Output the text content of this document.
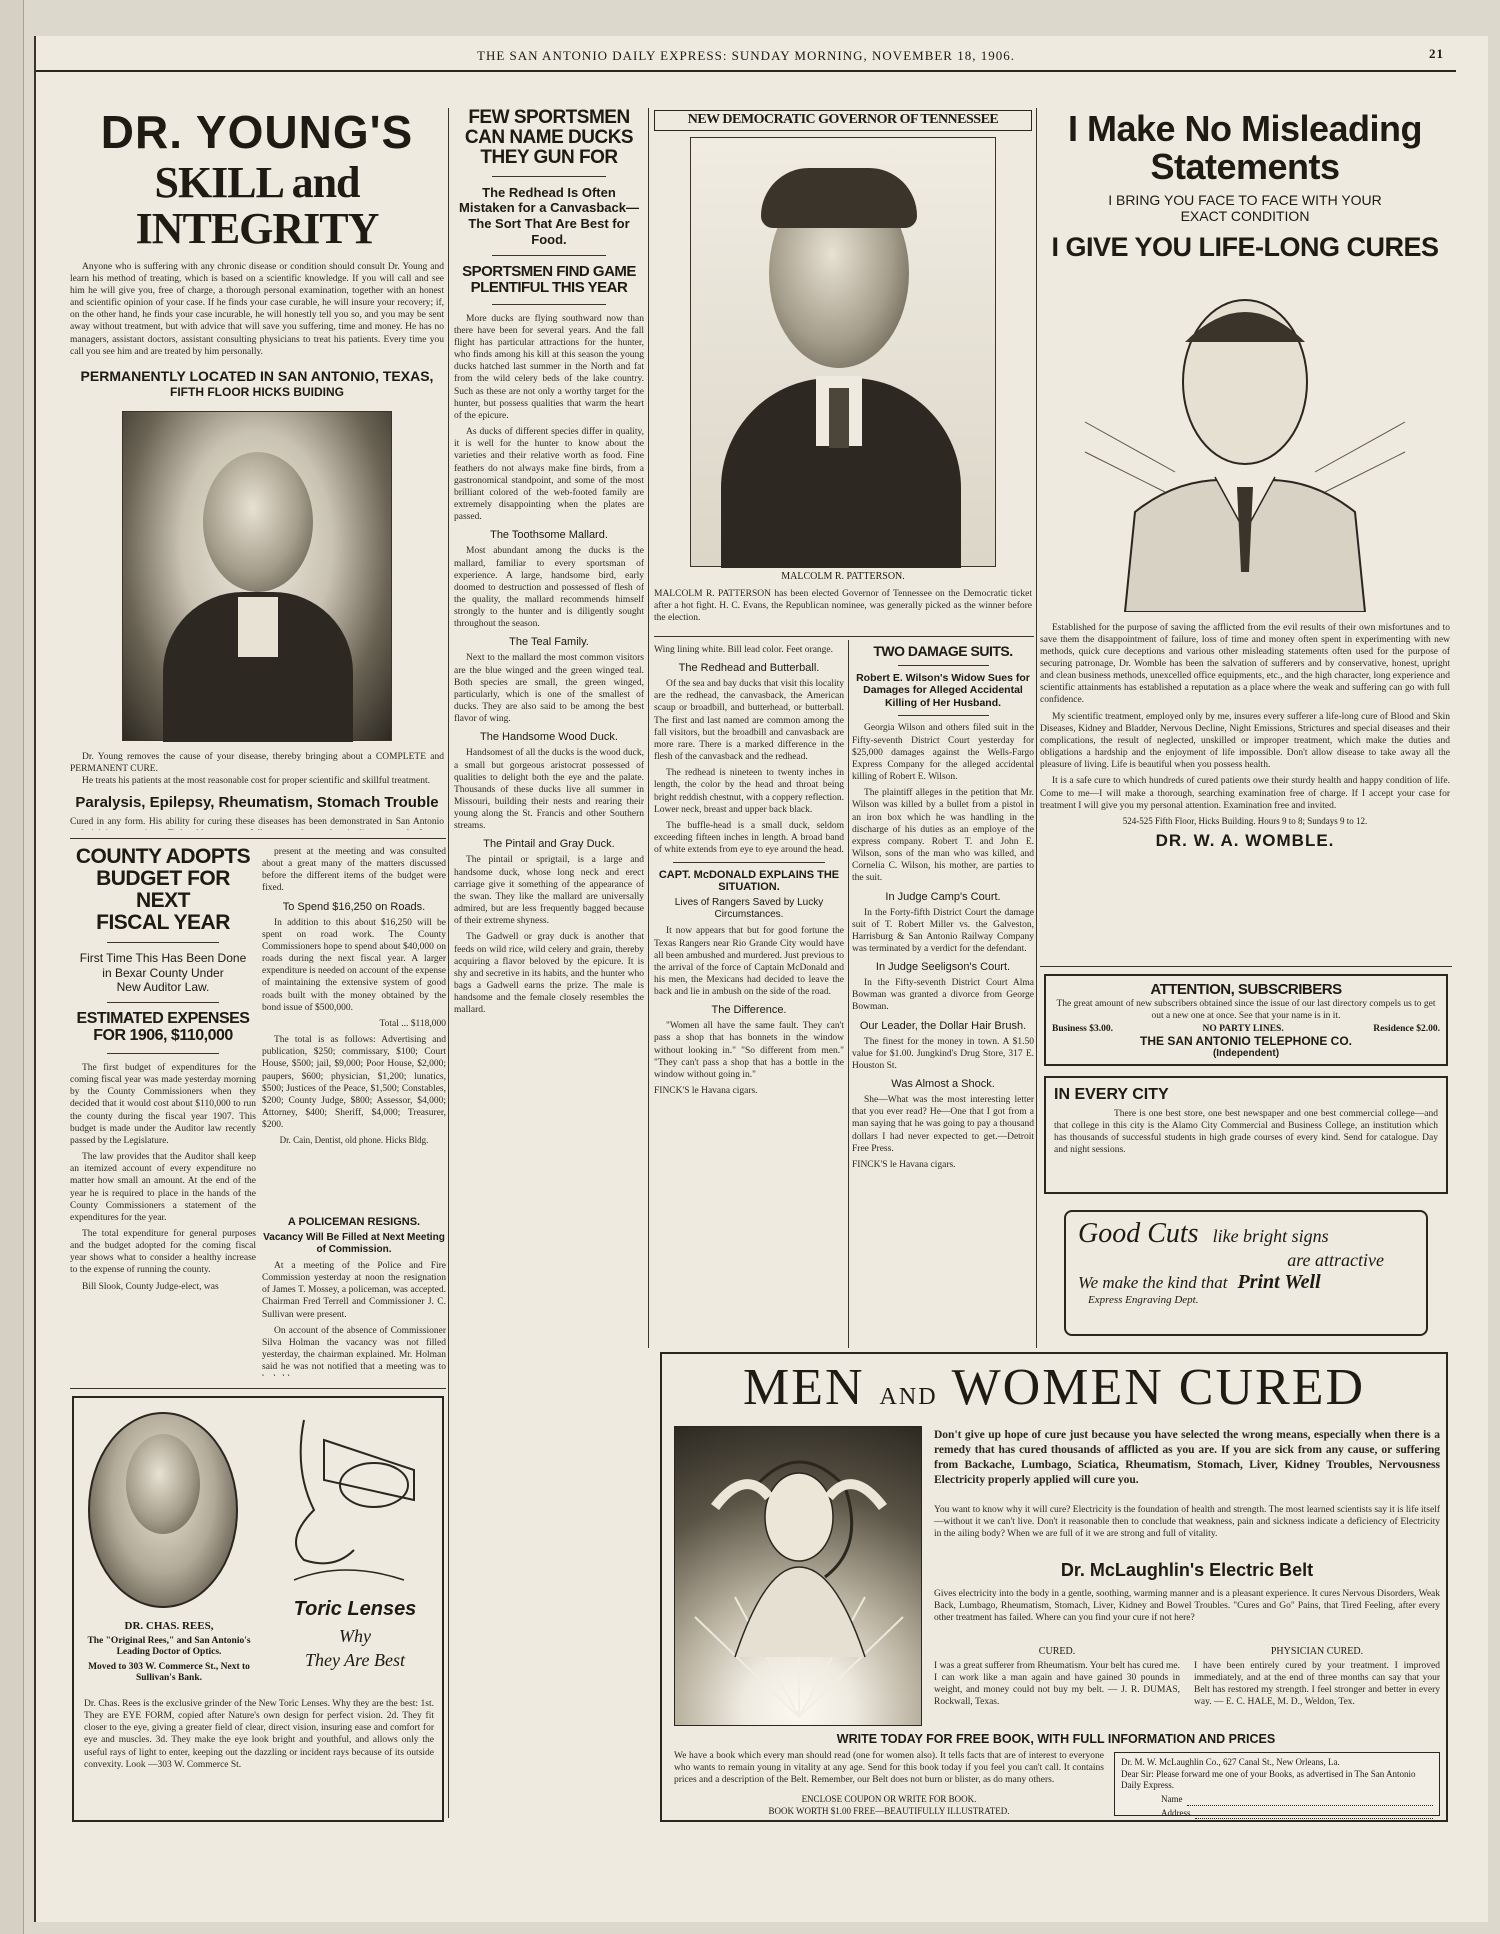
THE SAN ANTONIO DAILY EXPRESS: SUNDAY MORNING, NOVEMBER 18, 1906.	21
DR. YOUNG'S
SKILL and INTEGRITY
Anyone who is suffering with any chronic disease or condition should consult Dr. Young and learn his method of treating, which is based on a scientific knowledge. If you will call and see him he will give you, free of charge, a thorough personal examination, together with an honest and scientific opinion of your case. If he finds your case curable, he will insure your recovery; if, on the other hand, he finds your case incurable, he will honestly tell you so, and you may be sent away without treatment, but with advice that will save you suffering, time and money. He has no managers, assistant doctors, assistant consulting physicians to treat his patients. Every time you call you see him and are treated by him personally.
PERMANENTLY LOCATED IN SAN ANTONIO, TEXAS,
FIFTH FLOOR HICKS BUIDING
Dr. Young removes the cause of your disease, thereby bringing about a COMPLETE and PERMANENT CURE.
He treats his patients at the most reasonable cost for proper scientific and skillful treatment.
Paralysis, Epilepsy, Rheumatism, Stomach Trouble
Cured in any form. His ability for curing these diseases has been demonstrated in San Antonio
COUNTY ADOPTS
BUDGET FOR NEXT
FISCAL YEAR
First Time This Has Been Done
in Bexar County Under
New Auditor Law.
ESTIMATED EXPENSES
FOR 1906, $110,000

The first budget of expenditures for the coming fiscal year was made yesterday morning by the County Commissioners when they decided that it would cost about $110,000 to run the county during the fiscal year 1907. This budget is made under the Auditor law recently passed by the Legislature.

The law provides that the Auditor shall keep an itemized account of every expenditure no matter how small an amount. At the end of the year he is required to place in the hands of the County Commissioners a statement of the expenditures for the year.

The total expenditure for general purposes and the budget adopted for the coming fiscal year shows what to consider a healthy increase to the expense of running the county.

Bill Slook, County Judge-elect, was

present at the meeting and was consulted about a great many of the matters discussed before the different items of the budget were fixed.

To Spend $16,250 on Roads.

In addition to this about $16,250 will be spent on road work. The County Commissioners hope to spend about $40,000 on roads during the next fiscal year. A larger expenditure is needed on account of the expense of maintaining the extensive system of good roads built with the money obtained by the bond issue of $500,000.

Total ... $118,000

The total is as follows: Advertising and publication, $250; commissary, $100; Court House, $500; jail, $9,000; Poor House, $2,000; paupers, $600; physician, $1,200; lunatics, $500; Justices of the Peace, $1,500; Constables, $200; County Judge, $800; Assessor, $4,000; Attorney, $400; Sheriff, $4,000; Treasurer, $200.

Dr. Cain, Dentist, old phone. Hicks Bldg.
A POLICEMAN RESIGNS.
Vacancy Will Be Filled at Next Meeting of Commission.

At a meeting of the Police and Fire Commission yesterday at noon the resignation of James T. Mossey, a policeman, was accepted. Chairman Fred Terrell and Commissioner J. C. Sullivan were present.

On account of the absence of Commissioner Silva Holman the vacancy was not filled yesterday, the chairman explained. Mr. Holman said he was not notified that a meeting was to

Toric Lenses
Why
They Are Best
DR. CHAS. REES,
The "Original Rees," and San Antonio's Leading Doctor of Optics.
Moved to 303 W. Commerce St., Next to Sullivan's Bank.
Dr. Chas. Rees is the exclusive grinder of the New Toric Lenses. Why they are the best: 1st. They are EYE FORM, copied after Nature's own design for perfect vision. 2d. They fit closer to the eye, giving a greater field of clear, direct vision, insuring ease and comfort for eye and muscles. 3d. They make the eye look bright and youthful, and allows only the useful rays of light to enter, keeping out the dazzling or incident rays because of its outside convexity. Look —303 W. Commerce St.
FEW SPORTSMEN
CAN NAME DUCKS
THEY GUN FOR
The Redhead Is Often Mistaken for a Canvasback—The Sort That Are Best for Food.
SPORTSMEN FIND GAME
PLENTIFUL THIS YEAR

More ducks are flying southward now than there have been for several years. And the fall flight has particular attractions for the hunter, who finds among his kill at this season the young ducks hatched last summer in the North and fat from the wild celery beds of the lake country. Such as these are not only a worthy target for the hunter, but possess qualities that warm the heart of the epicure.

As ducks of different species differ in quality, it is well for the hunter to know about the varieties and their relative worth as food. Fine feathers do not always make fine birds, from a gastronomical standpoint, and some of the most brilliant colored of the web-footed family are extremely disappointing when the plates are passed.

The Toothsome Mallard.

Most abundant among the ducks is the mallard, familiar to every sportsman of experience. A large, handsome bird, early doomed to destruction and possessed of flesh of the quality, the mallard recommends himself strongly to the hunter and is diligently sought throughout the season.

The Teal Family.

Next to the mallard the most common visitors are the blue winged and the green winged teal. Both species are small, the green winged, particularly, which is one of the smallest of ducks. They are also said to be among the best flavor of wing.

The Handsome Wood Duck.

Handsomest of all the ducks is the wood duck, a small but gorgeous aristocrat possessed of qualities to delight both the eye and the palate. Thousands of these ducks live all summer in Missouri, building their nests and rearing their young along the St. Francis and other Southern streams.

The Pintail and Gray Duck.

The pintail or sprigtail, is a large and handsome duck, whose long neck and erect carriage give it something of the appearance of the swan. They like the mallard are universally admired, but are less frequently bagged because of their extreme shyness.

The Gadwell or gray duck is another that feeds on wild rice, wild celery and grain, thereby acquiring a flavor beloved by the epicure. It is shy and secretive in its habits, and the hunter who bags a Gadwell earns the prize. The male is handsome and the female closely resembles the mallard.

NEW DEMOCRATIC GOVERNOR OF TENNESSEE
MALCOLM R. PATTERSON.
MALCOLM R. PATTERSON has been elected Governor of Tennessee on the Democratic ticket after a hot fight. H. C. Evans, the Republican nominee, was generally picked as the winner before the election.
Wing lining white. Bill lead color. Feet orange.
The Redhead and Butterball.

Of the sea and bay ducks that visit this locality are the redhead, the canvasback, the American scaup or broadbill, and butterhead, or butterball. The first and last named are common among the fall visitors, but the broadbill and canvasback are more rare. There is a marked difference in the flesh of the canvasback and the redhead.

The redhead is nineteen to twenty inches in length, the color by the head and throat being bright reddish chestnut, with a coppery reflection. Lower neck, breast and upper back black.

The buffle-head is a small duck, seldom exceeding fifteen inches in length. A broad band of white extends from eye to eye around the head.

CAPT. McDONALD EXPLAINS THE SITUATION.
Lives of Rangers Saved by Lucky Circumstances.

It now appears that but for good fortune the Texas Rangers near Rio Grande City would have all been ambushed and murdered. Just previous to the arrival of the force of Captain McDonald and his men, the Mexicans had decided to leave the back and lie in ambush on the side of the road.

The Difference.

"Women all have the same fault. They can't pass a shop that has bonnets in the window without looking in." "So different from men." "They can't pass a shop that has a bottle in the window without going in."

FINCK'S le Havana cigars.
TWO DAMAGE SUITS.
Robert E. Wilson's Widow Sues for Damages for Alleged Accidental Killing of Her Husband.

Georgia Wilson and others filed suit in the Fifty-seventh District Court yesterday for $25,000 damages against the Wells-Fargo Express Company for the alleged accidental killing of Robert E. Wilson.

The plaintiff alleges in the petition that Mr. Wilson was killed by a bullet from a pistol in an iron box which he was handling in the discharge of his duties as an employe of the express company. Robert T. and John E. Wilson, sons of the man who was killed, and Cornelia C. Wilson, his mother, are parties to the suit.

In Judge Camp's Court.

In the Forty-fifth District Court the damage suit of T. Robert Miller vs. the Galveston, Harrisburg & San Antonio Railway Company was terminated by a verdict for the defendant.

In Judge Seeligson's Court.

In the Fifty-seventh District Court Alma Bowman was granted a divorce from George Bowman.

Our Leader, the Dollar Hair Brush.

The finest for the money in town. A $1.50 value for $1.00. Jungkind's Drug Store, 317 E. Houston St.

Was Almost a Shock.

She—What was the most interesting letter that you ever read? He—One that I got from a man saying that he was going to pay a thousand dollars I had never expected to get.—Detroit Free Press.

FINCK'S le Havana cigars.
I Make No Misleading
Statements
I BRING YOU FACE TO FACE WITH YOUR
EXACT CONDITION
I GIVE YOU LIFE-LONG CURES

Established for the purpose of saving the afflicted from the evil results of their own misfortunes and to save them the disappointment of failure, loss of time and money often spent in experimenting with new methods, quick cure deceptions and various other misleading statements often used for the purpose of securing patronage, Dr. Womble has been the salvation of sufferers and by conservative, honest, upright and clean business methods, unexcelled office equipments, etc., and the high character, long experience and scientific attainments has established a reputation as a place where the weak and suffering can go with full confidence.

My scientific treatment, employed only by me, insures every sufferer a life-long cure of Blood and Skin Diseases, Kidney and Bladder, Nervous Decline, Night Emissions, Strictures and special diseases and their complications, the result of neglected, unskilled or improper treatment, which make the duties and obligations a hardship and the enjoyment of life impossible. Don't allow disease to take away all the pleasure of living. Life is beautiful when you possess health.

It is a safe cure to which hundreds of cured patients owe their sturdy health and happy condition of life. Come to me—I will make a thorough, searching examination free of charge. If I accept your case for treatment I will give you my personal attention. Examination free and invited.

524-525 Fifth Floor, Hicks Building. Hours 9 to 8; Sundays 9 to 12.
DR. W. A. WOMBLE.
ATTENTION, SUBSCRIBERS
The great amount of new subscribers obtained since the issue of our last directory compels us to get out a new one at once. See that your name is in it.
Business $3.00.	NO PARTY LINES.	Residence $2.00.
THE SAN ANTONIO TELEPHONE CO.
(Independent)
IN EVERY CITY
There is one best store, one best newspaper and one best commercial college—and that college in this city is the Alamo City Commercial and Business College, an institution which has thousands of successful students in high grade courses of every kind. Send for catalogue. Day and night sessions.
Good Cuts like bright signs
are attractive
We make the kind that Print Well
Express Engraving Dept.
MEN AND WOMEN CURED
Don't give up hope of cure just because you have selected the wrong means, especially when there is a remedy that has cured thousands of afflicted as you are. If you are sick from any cause, or suffering from Backache, Lumbago, Sciatica, Rheumatism, Stomach, Liver, Kidney Troubles, Nervousness Electricity properly applied will cure you.
You want to know why it will cure? Electricity is the foundation of health and strength. The most learned scientists say it is life itself—without it we can't live. Don't it reasonable then to conclude that weakness, pain and sickness indicate a deficiency of Electricity in the ailing body? When we are full of it we are strong and full of vitality.
Dr. McLaughlin's Electric Belt
Gives electricity into the body in a gentle, soothing, warming manner and is a pleasant experience. It cures Nervous Disorders, Weak Back, Lumbago, Rheumatism, Stomach, Liver, Kidney and Bowel Troubles. "Cures and Go" Pains, that Tired Feeling, after every other treatment has failed. Where can you find your cure if not here?
CURED.
I was a great sufferer from Rheumatism. Your belt has cured me. I can work like a man again and have gained 30 pounds in weight, and money could not buy my belt. — J. R. DUMAS, Rockwall, Texas.
PHYSICIAN CURED.
I have been entirely cured by your treatment. I improved immediately, and at the end of three months can say that your Belt has restored my strength. I feel stronger and better in every way. — E. C. HALE, M. D., Weldon, Tex.
WRITE TODAY FOR FREE BOOK, WITH FULL INFORMATION AND PRICES
We have a book which every man should read (one for women also). It tells facts that are of interest to everyone who wants to remain young in vitality at any age. Send for this book today if you feel you can't call. It contains prices and a description of the Belt. Remember, our Belt does not burn or blister, as do many others.
ENCLOSE COUPON OR WRITE FOR BOOK.
BOOK WORTH $1.00 FREE—BEAUTIFULLY ILLUSTRATED.
Dr. M. W. McLaughlin Co., 627 Canal St., New Orleans, La.
Dear Sir: Please forward me one of your Books, as advertised in The San Antonio Daily Express.
Name
Address
